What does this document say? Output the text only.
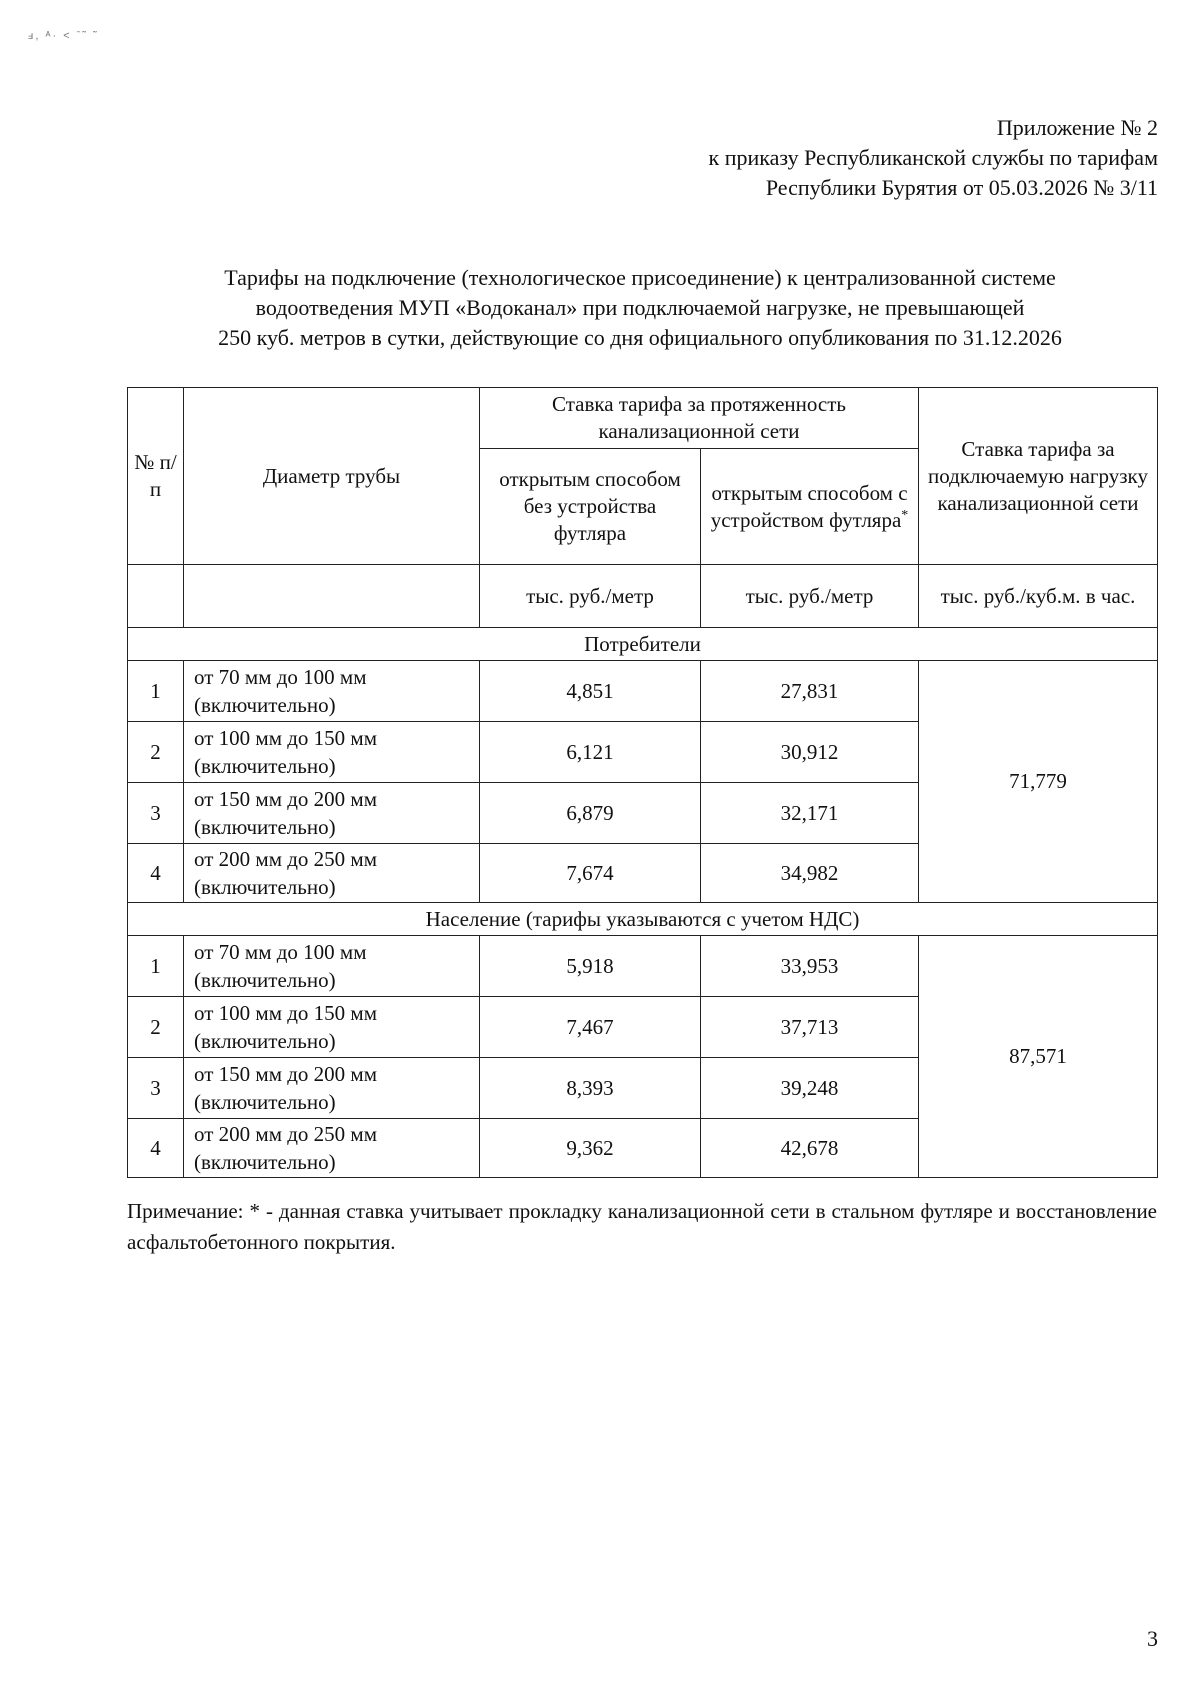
ⅎ, ᴬ· ˂ ˉ˜ ˜
Приложение № 2
к приказу Республиканской службы по тарифам
Республики Бурятия от 05.03.2026 № 3/11
Тарифы на подключение (технологическое присоединение) к централизованной системе
водоотведения МУП «Водоканал» при подключаемой нагрузке, не превышающей
250 куб. метров в сутки, действующие со дня официального опубликования по 31.12.2026
№ п/п	Диаметр трубы	Ставка тарифа за протяженность канализационной сети		Ставка тарифа за подключаемую нагрузку канализационной сети
		открытым способом без устройства футляра	открытым способом с устройством футляра*
		тыс. руб./метр	тыс. руб./метр	тыс. руб./куб.м. в час.
Потребители				
1	от 70 мм до 100 мм (включительно)	4,851	27,831	71,779
2	от 100 мм до 150 мм (включительно)	6,121	30,912	
3	от 150 мм до 200 мм (включительно)	6,879	32,171	
4	от 200 мм до 250 мм (включительно)	7,674	34,982	
Население (тарифы указываются с учетом НДС)				
1	от 70 мм до 100 мм (включительно)	5,918	33,953	87,571
2	от 100 мм до 150 мм (включительно)	7,467	37,713	
3	от 150 мм до 200 мм (включительно)	8,393	39,248	
4	от 200 мм до 250 мм (включительно)	9,362	42,678	
Примечание: * - данная ставка учитывает прокладку канализационной сети в стальном футляре и восстановление асфальтобетонного покрытия.
3
